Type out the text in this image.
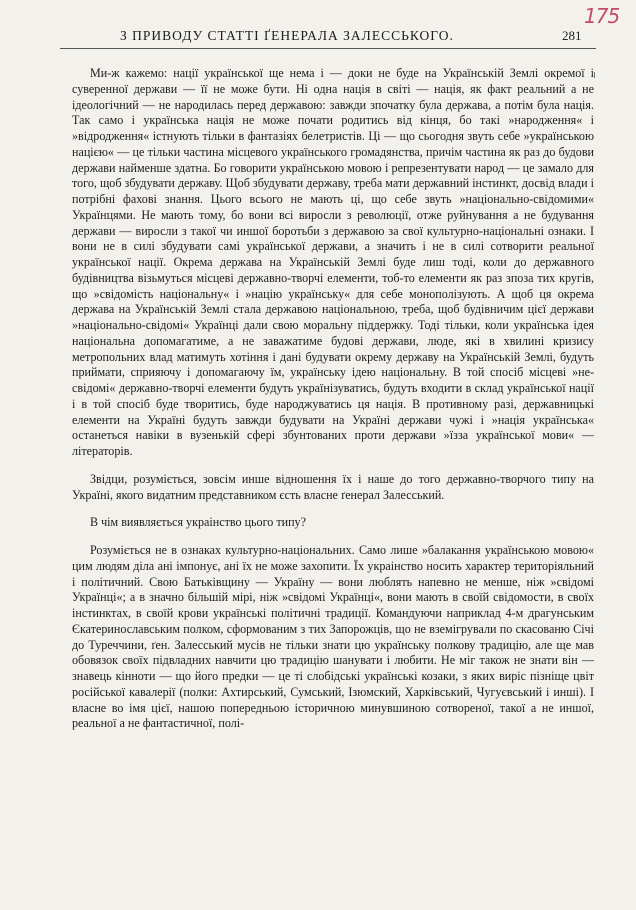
175
З ПРИВОДУ СТАТТІ ҐЕНЕРАЛА ЗАЛЕССЬКОГО.	281

Ми-ж кажемо: нації української ще нема і — доки не буде на Українській Землі окремої і суверенної держави — її не може бути. Ні одна нація в світі — нація, як факт реальний а не ідеологічний — не народилась перед державою: завжди зпочатку була держава, а потім була нація. Так само і українська нація не може почати родитись від кінця, бо такі »народження« і »відродження« істнують тільки в фантазіях белетристів. Ці — що сьогодня звуть себе »українською нацією« — це тільки частина місцевого українського громадянства, причім частина як раз до будови держави найменше здатна. Бо говорити українською мовою і репрезентувати народ — це замало для того, щоб збудувати державу. Щоб збудувати державу, треба мати державний інстинкт, досвід влади і потрібні фахові знання. Цього всього не мають ці, що себе звуть »національно-свідомими« Українцями. Не мають тому, бо вони всі виросли з революції, отже руйнування а не будування держави — виросли з такої чи иншої боротьби з державою за свої культурно-національні ознаки. І вони не в силі збудувати самі української держави, а значить і не в силі сотворити реальної української нації. Окрема держава на Українській Землі буде лиш тоді, коли до державного будівництва візьмуться місцеві державно-творчі елементи, тоб-то елементи як раз зпоза тих кругів, що »свідомість національну« і »націю українську« для себе монополізують. А щоб ця окрема держава на Українській Землі стала державою національною, треба, щоб будівничим цієї держави »національно-свідомі« Українці дали свою моральну піддержку. Тоді тільки, коли українська ідея національна допомагатиме, а не заважатиме будові держави, люде, які в хвилині кризису метропольних влад матимуть хотіння і дані будувати окрему державу на Українській Землі, будуть приймати, сприяючу і допомагаючу їм, українську ідею національну. В той спосіб місцеві »не-свідомі« державно-творчі елементи будуть українізуватись, будуть входити в склад української нації і в той спосіб буде творитись, буде народжуватись ця нація. В противному разі, державницькі елементи на Україні будуть завжди будувати на Україні держави чужі і »нація українська« останеться навіки в вузенькій сфері збунтованих проти держави »їзза української мови« — літераторів.

Звідци, розуміється, зовсім инше відношення їх і наше до того державно-творчого типу на Україні, якого видатним представником єсть власне ґенерал Залесський.

В чім виявляється украінство цього типу?

Розуміється не в ознаках культурно-національних. Само лише »балакання українською мовою« цим людям діла ані імпонує, ані їх не може захопити. Їх украінство носить характер територіяльний і політичний. Свою Батьківщину — Україну — вони люблять напевно не менше, ніж »свідомі Українці«; а в значно більшій мірі, ніж »свідомі Українці«, вони мають в своїй свідомости, в своїх інстинктах, в своїй крови українські політичні традиції. Командуючи наприклад 4-м драгунським Єкатеринославським полком, сформованим з тих Запорожців, що не вземігрували по скасованю Січі до Туреччини, ґен. Залесський мусів не тільки знати цю українську полкову традицію, але ще мав обовязок своїх підвладних навчити цю традицію шанувати і любити. Не міг також не знати він — знавець кінноти — що його предки — це ті слобідські українські козаки, з яких виріс пізніще цвіт російської кавалерії (полки: Ахтирський, Сумський, Ізюмский, Харківський, Чугуєвський і инші). І власне во імя цієї, нашою попередньою історичною минувшиною сотвореної, такої а не иншої, реальної а не фантастичної, полі-
